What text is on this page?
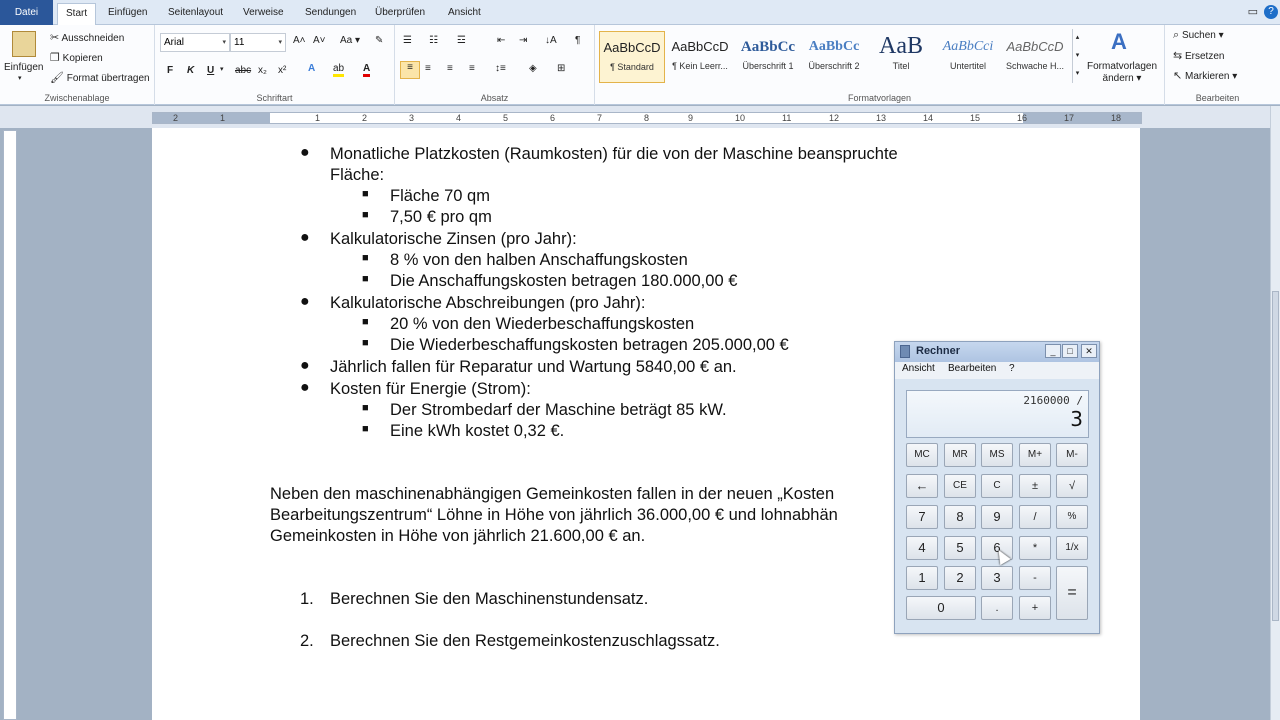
Datei	Start	Einfügen	Seitenlayout	Verweise	Sendungen	Überprüfen	Ansicht	▭	?
Einfügen
▾
✂ Ausschneiden
❐ Kopieren
🖌 Format übertragen
Zwischenablage
Arial	▾ 11	▾ A˄ A˅ Aa ▾ ✎
F K U ▾ abc x₂ x² A ab A
Schriftart
☰ ☷ ☲	⇤ ⇥ ↓A ¶
≡	≡ ≡ ≡ ↕≡ ◈ ⊞
Absatz
AaBbCcD
¶ Standard
AaBbCcD
¶ Kein Leerr...
AaBbCc
Überschrift 1
AaBbCc
Überschrift 2
AaB
Titel
AaBbCci
Untertitel
AaBbCcD
Schwache H...
▴
▾
▾
A
Formatvorlagen
ändern ▾
Formatvorlagen
⌕ Suchen ▾
⇆ Ersetzen
↖ Markieren ▾
Bearbeiten
2	1	1	2	3	4	5	6	7	8	9	10	11	12	13	14	15	16	17	18
● Monatliche Platzkosten (Raumkosten) für die von der Maschine beanspruchte
Fläche:
■ Fläche 70 qm
■ 7,50 € pro qm
● Kalkulatorische Zinsen (pro Jahr):
■ 8 % von den halben Anschaffungskosten
■ Die Anschaffungskosten betragen 180.000,00 €
● Kalkulatorische Abschreibungen (pro Jahr):
■ 20 % von den Wiederbeschaffungskosten
■ Die Wiederbeschaffungskosten betragen 205.000,00 €
● Jährlich fallen für Reparatur und Wartung 5840,00 € an.
● Kosten für Energie (Strom):
■ Der Strombedarf der Maschine beträgt 85 kW.
■ Eine kWh kostet 0,32 €.
Neben den maschinenabhängigen Gemeinkosten fallen in der neuen „Kosten
Bearbeitungszentrum“ Löhne in Höhe von jährlich 36.000,00 € und lohnabhän
Gemeinkosten in Höhe von jährlich 21.600,00 € an.
1. Berechnen Sie den Maschinenstundensatz.
2. Berechnen Sie den Restgemeinkostenzuschlagssatz.
Rechner	_	□	✕
Ansicht Bearbeiten ?
2160000 /
3
MC	MR	MS	M+	M-
←	CE	C	±	√
7	8	9	/	%
4	5	6	*	1/x
1	2	3	-
=
0	.	+
